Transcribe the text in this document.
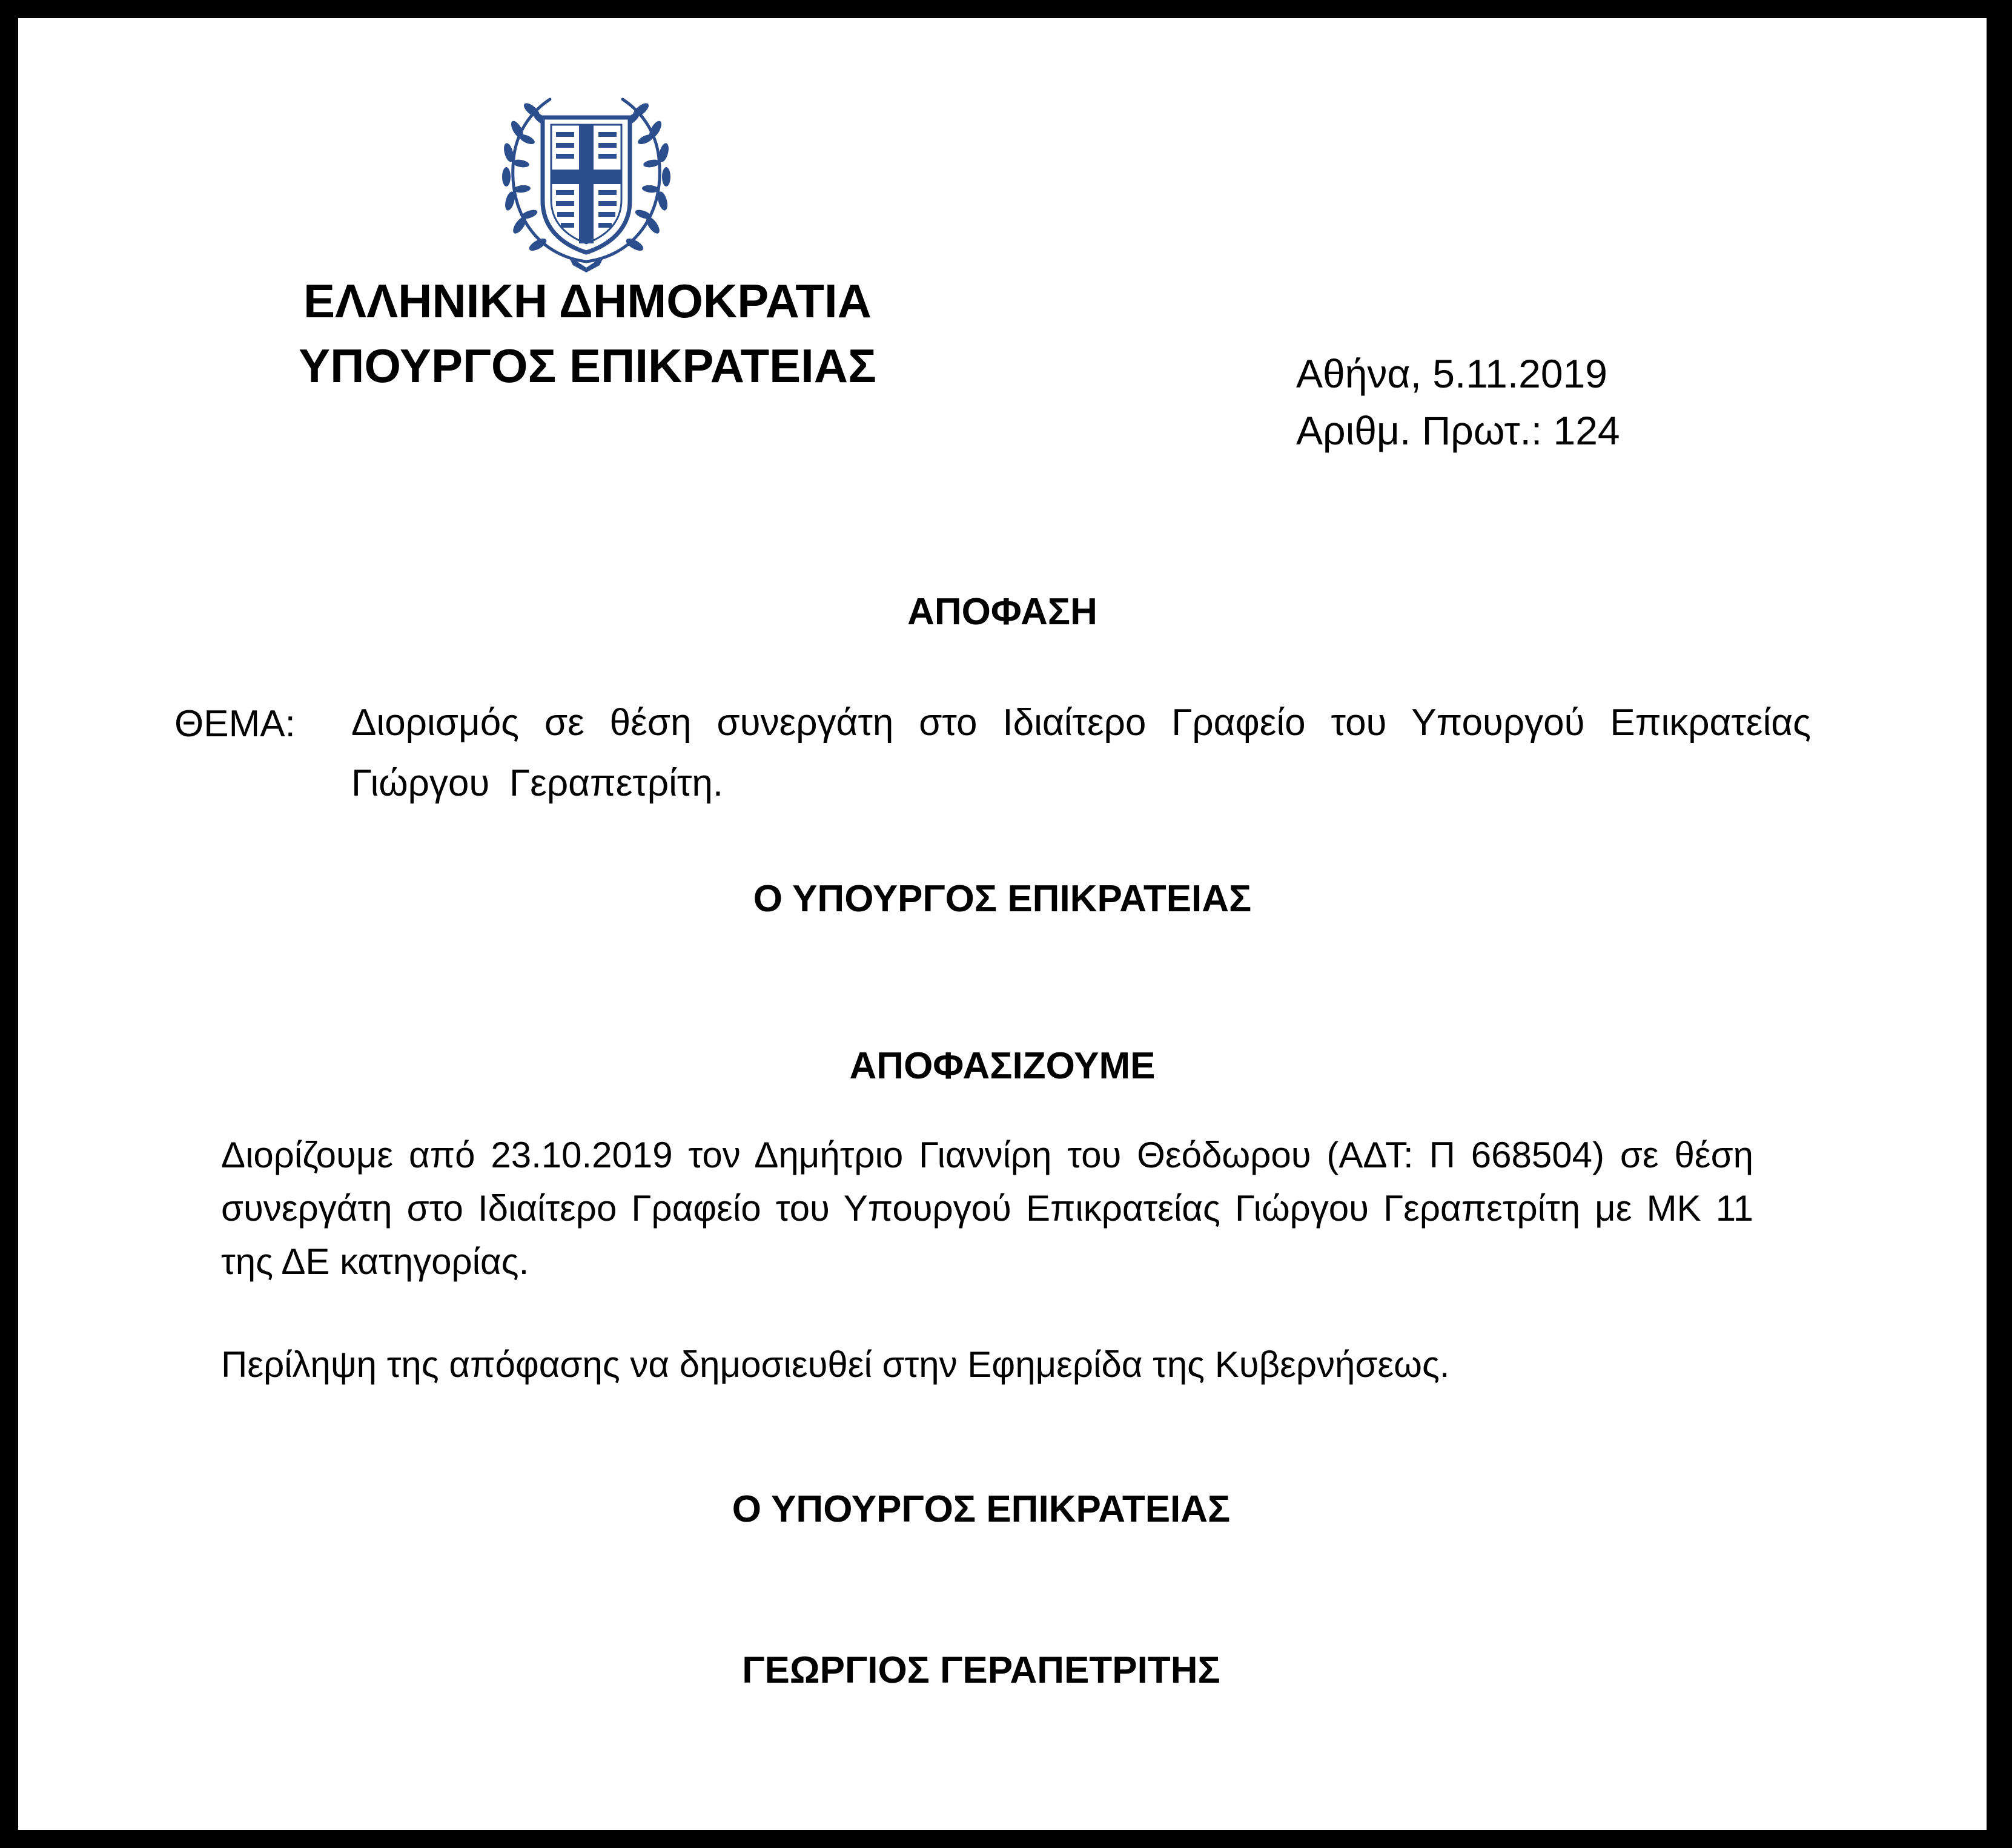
ΕΛΛΗΝΙΚΗ ΔΗΜΟΚΡΑΤΙΑ
ΥΠΟΥΡΓΟΣ ΕΠΙΚΡΑΤΕΙΑΣ	Αθήνα, 5.11.2019
Αριθμ. Πρωτ.: 124
ΑΠΟΦΑΣΗ
ΘΕΜΑ: Διορισμός σε θέση συνεργάτη στο Ιδιαίτερο Γραφείο του Υπουργού Επικρατείας Γιώργου Γεραπετρίτη.
Ο ΥΠΟΥΡΓΟΣ ΕΠΙΚΡΑΤΕΙΑΣ
ΑΠΟΦΑΣΙΖΟΥΜΕ
Διορίζουμε από 23.10.2019 τον Δημήτριο Γιαννίρη του Θεόδωρου (ΑΔΤ: Π 668504) σε θέση συνεργάτη στο Ιδιαίτερο Γραφείο του Υπουργού Επικρατείας Γιώργου Γεραπετρίτη με ΜΚ 11 της ΔΕ κατηγορίας.
Περίληψη της απόφασης να δημοσιευθεί στην Εφημερίδα της Κυβερνήσεως.
Ο ΥΠΟΥΡΓΟΣ ΕΠΙΚΡΑΤΕΙΑΣ
ΓΕΩΡΓΙΟΣ ΓΕΡΑΠΕΤΡΙΤΗΣ
